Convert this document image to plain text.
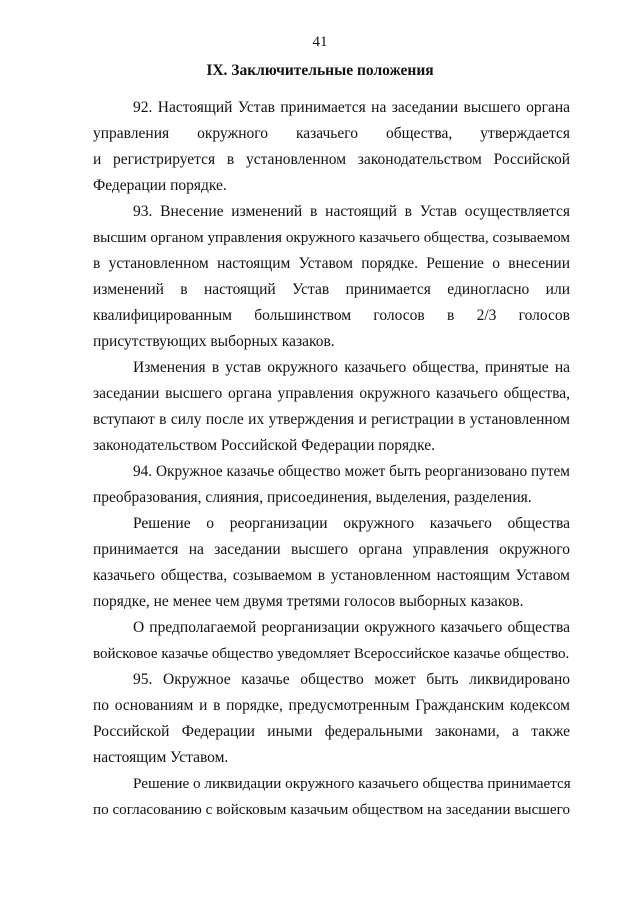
41
IX. Заключительные положения

92. Настоящий Устав принимается на заседании высшего органа
управления окружного казачьего общества, утверждается
и регистрируется в установленном законодательством Российской
Федерации порядке.

93. Внесение изменений в настоящий в Устав осуществляется
высшим органом управления окружного казачьего общества, созываемом
в установленном настоящим Уставом порядке. Решение о внесении
изменений в настоящий Устав принимается единогласно или
квалифицированным большинством голосов в 2/3 голосов
присутствующих выборных казаков.

Изменения в устав окружного казачьего общества, принятые на
заседании высшего органа управления окружного казачьего общества,
вступают в силу после их утверждения и регистрации в установленном
законодательством Российской Федерации порядке.

94. Окружное казачье общество может быть реорганизовано путем
преобразования, слияния, присоединения, выделения, разделения.

Решение о реорганизации окружного казачьего общества
принимается на заседании высшего органа управления окружного
казачьего общества, созываемом в установленном настоящим Уставом
порядке, не менее чем двумя третями голосов выборных казаков.

О предполагаемой реорганизации окружного казачьего общества
войсковое казачье общество уведомляет Всероссийское казачье общество.

95. Окружное казачье общество может быть ликвидировано
по основаниям и в порядке, предусмотренным Гражданским кодексом
Российской Федерации иными федеральными законами, а также
настоящим Уставом.

Решение о ликвидации окружного казачьего общества принимается
по согласованию с войсковым казачьим обществом на заседании высшего
